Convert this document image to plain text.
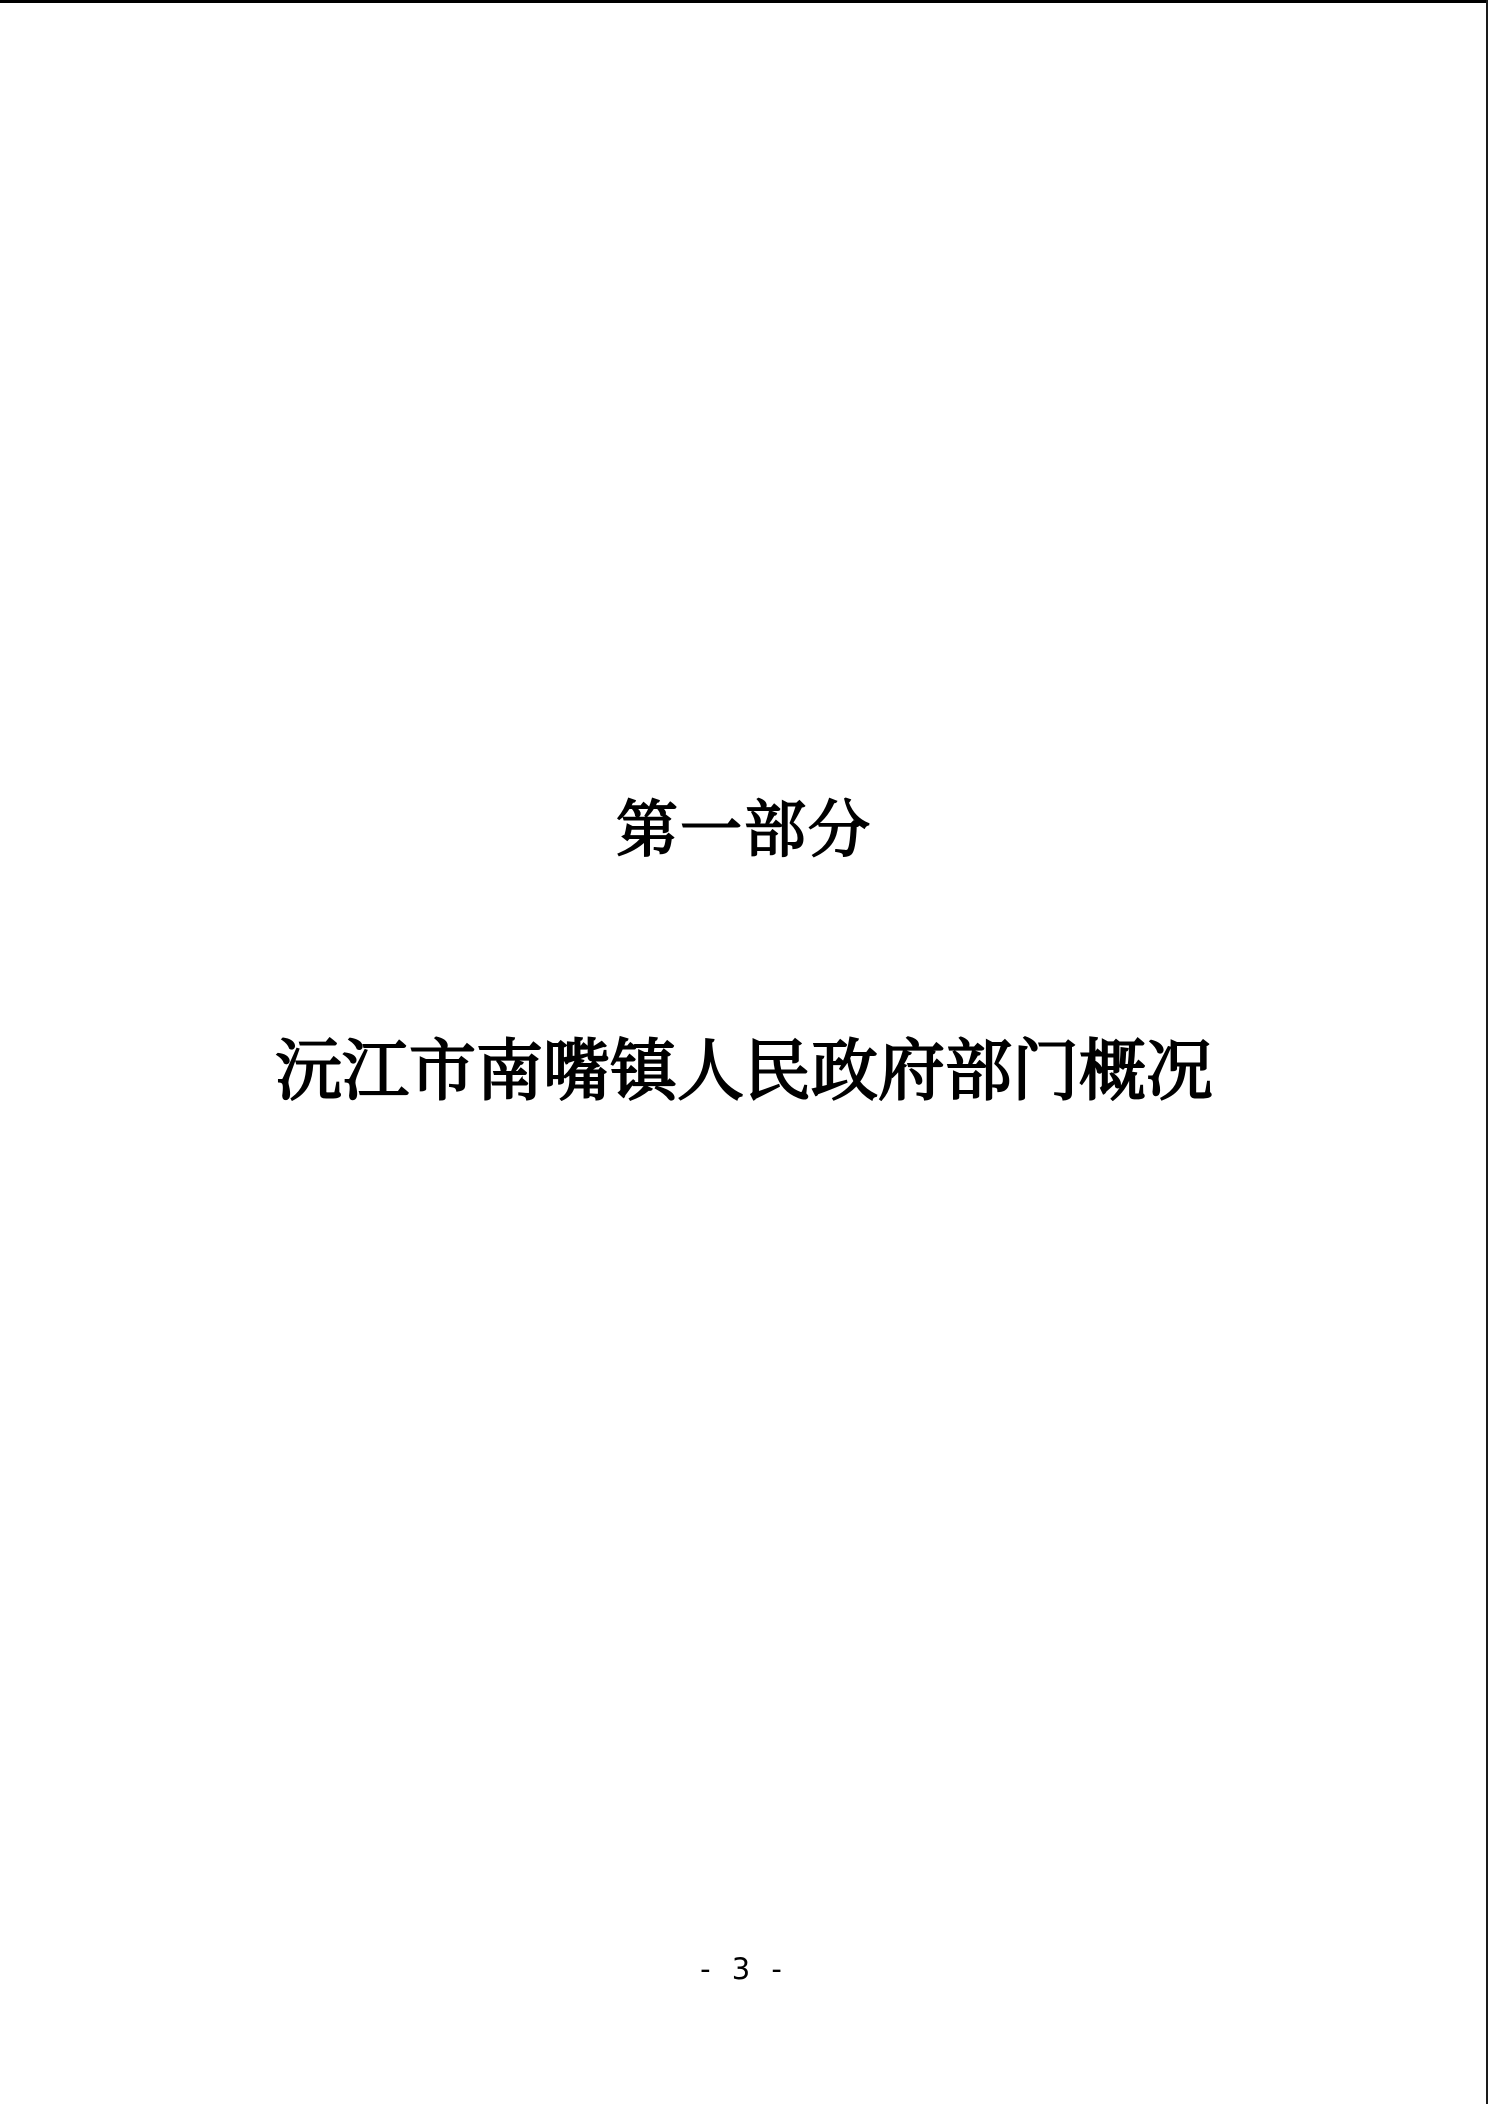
第一部分
沅江市南嘴镇人民政府部门概况
- 3 -
